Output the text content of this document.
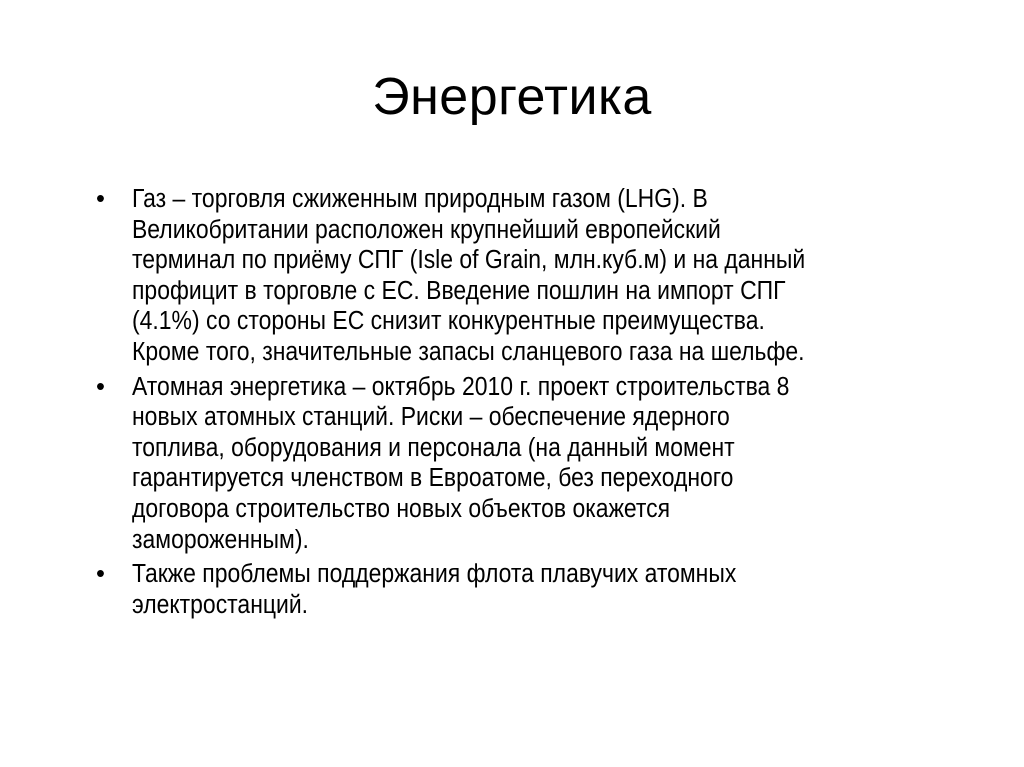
Энергетика
• Газ – торговля сжиженным природным газом (LHG). В
Великобритании расположен крупнейший европейский
терминал по приёму СПГ (Isle of Grain, млн.куб.м) и на данный
профицит в торговле с ЕС. Введение пошлин на импорт СПГ
(4.1%) со стороны ЕС снизит конкурентные преимущества.
Кроме того, значительные запасы сланцевого газа на шельфе.
• Атомная энергетика – октябрь 2010 г. проект строительства 8
новых атомных станций. Риски – обеспечение ядерного
топлива, оборудования и персонала (на данный момент
гарантируется членством в Евроатоме, без переходного
договора строительство новых объектов окажется
замороженным).
• Также проблемы поддержания флота плавучих атомных
электростанций.
